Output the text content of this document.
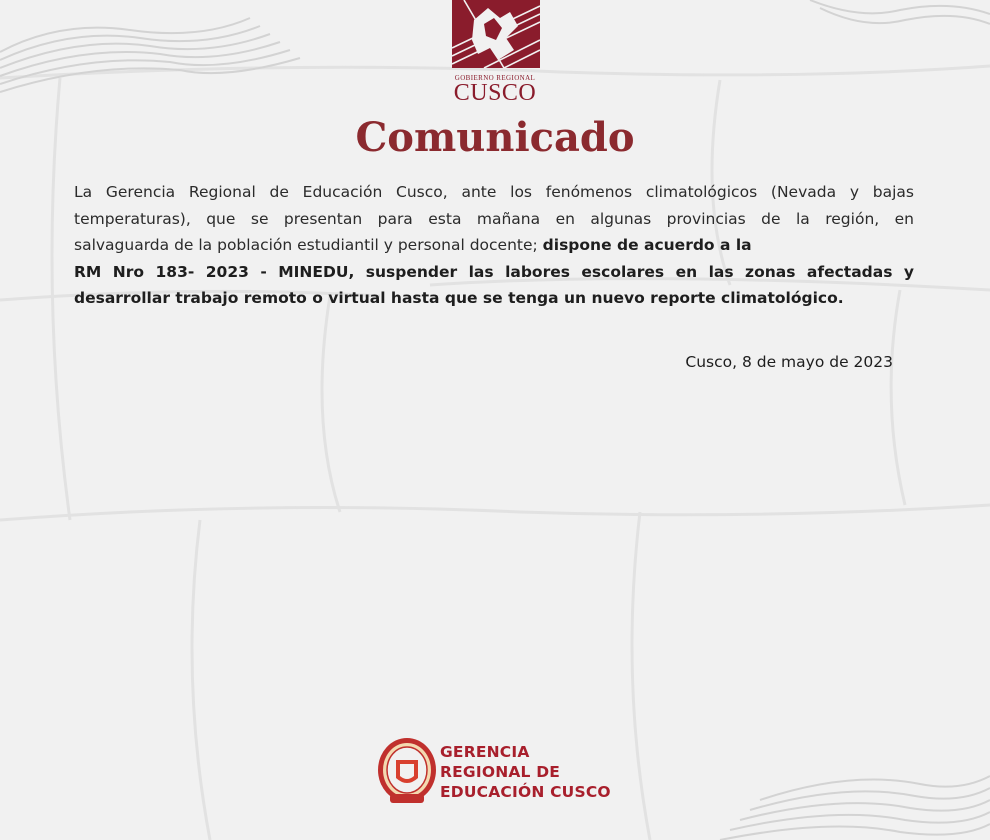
GOBIERNO REGIONAL
CUSCO
Comunicado
La Gerencia Regional de Educación Cusco, ante los fenómenos climatológicos (Nevada y bajas
temperaturas), que se presentan para esta mañana en algunas provincias de la región, en
salvaguarda de la población estudiantil y personal docente; dispone de acuerdo a la
RM Nro 183- 2023 - MINEDU, suspender las labores escolares en las zonas afectadas y
desarrollar trabajo remoto o virtual hasta que se tenga un nuevo reporte climatológico.
Cusco, 8 de mayo de 2023
GERENCIA
REGIONAL DE
EDUCACIÓN CUSCO
